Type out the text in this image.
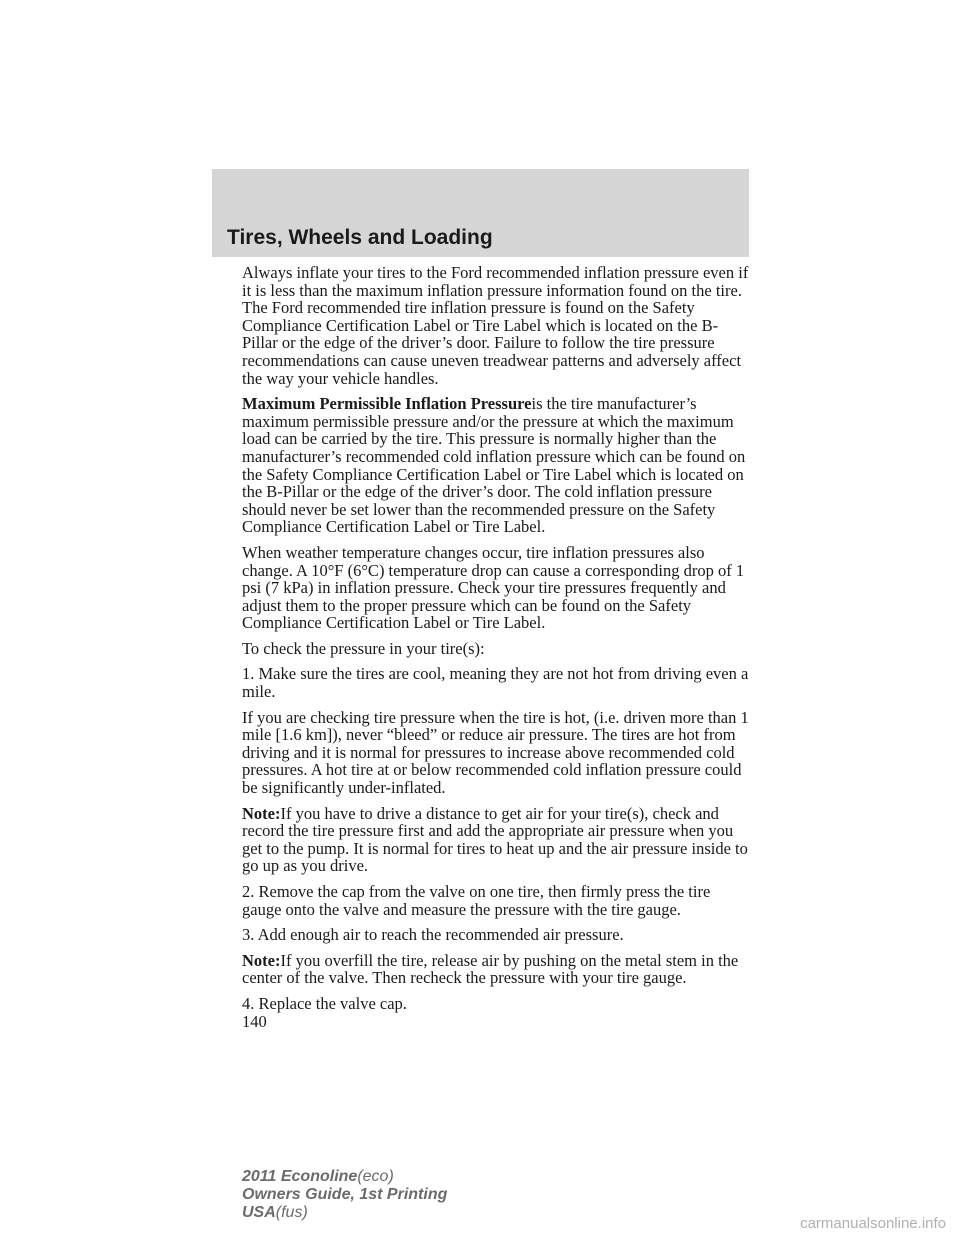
Tires, Wheels and Loading

Always inflate your tires to the Ford recommended inflation pressure even if it is less than the maximum inflation pressure information found on the tire. The Ford recommended tire inflation pressure is found on the Safety Compliance Certification Label or Tire Label which is located on the B-Pillar or the edge of the driver’s door. Failure to follow the tire pressure recommendations can cause uneven treadwear patterns and adversely affect the way your vehicle handles.

Maximum Permissible Inflation Pressureis the tire manufacturer’s maximum permissible pressure and/or the pressure at which the maximum load can be carried by the tire. This pressure is normally higher than the manufacturer’s recommended cold inflation pressure which can be found on the Safety Compliance Certification Label or Tire Label which is located on the B-Pillar or the edge of the driver’s door. The cold inflation pressure should never be set lower than the recommended pressure on the Safety Compliance Certification Label or Tire Label.

When weather temperature changes occur, tire inflation pressures also change. A 10°F (6°C) temperature drop can cause a corresponding drop of 1 psi (7 kPa) in inflation pressure. Check your tire pressures frequently and adjust them to the proper pressure which can be found on the Safety Compliance Certification Label or Tire Label.

To check the pressure in your tire(s):

1. Make sure the tires are cool, meaning they are not hot from driving even a mile.

If you are checking tire pressure when the tire is hot, (i.e. driven more than 1 mile [1.6 km]), never “bleed” or reduce air pressure. The tires are hot from driving and it is normal for pressures to increase above recommended cold pressures. A hot tire at or below recommended cold inflation pressure could be significantly under-inflated.

Note:If you have to drive a distance to get air for your tire(s), check and record the tire pressure first and add the appropriate air pressure when you get to the pump. It is normal for tires to heat up and the air pressure inside to go up as you drive.

2. Remove the cap from the valve on one tire, then firmly press the tire gauge onto the valve and measure the pressure with the tire gauge.

3. Add enough air to reach the recommended air pressure.

Note:If you overfill the tire, release air by pushing on the metal stem in the center of the valve. Then recheck the pressure with your tire gauge.

4. Replace the valve cap.

140
2011 Econoline(eco)
Owners Guide, 1st Printing
USA(fus)
carmanualsonline.info
